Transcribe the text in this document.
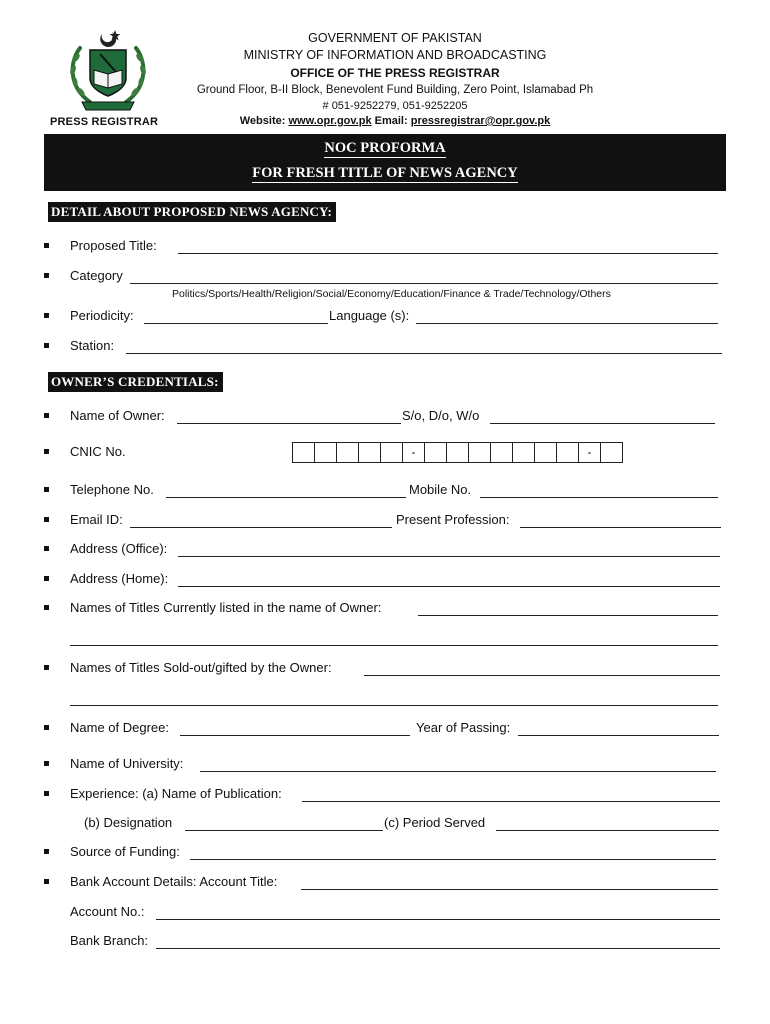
PRESS REGISTRAR
GOVERNMENT OF PAKISTAN
MINISTRY OF INFORMATION AND BROADCASTING
OFFICE OF THE PRESS REGISTRAR
Ground Floor, B-II Block, Benevolent Fund Building, Zero Point, Islamabad Ph
# 051-9252279, 051-9252205
Website: www.opr.gov.pk Email: pressregistrar@opr.gov.pk
NOC PROFORMA
FOR FRESH TITLE OF NEWS AGENCY
DETAIL ABOUT PROPOSED NEWS AGENCY:
Proposed Title:
Category
Politics/Sports/Health/Religion/Social/Economy/Education/Finance & Trade/Technology/Others
Periodicity:	Language (s):
Station:
OWNER’S CREDENTIALS:
Name of Owner:	S/o, D/o, W/o
CNIC No.	-	-
Telephone No.	Mobile No.
Email ID:	Present Profession:
Address (Office):
Address (Home):
Names of Titles Currently listed in the name of Owner:
Names of Titles Sold-out/gifted by the Owner:
Name of Degree:	Year of Passing:
Name of University:
Experience: (a) Name of Publication:
(b) Designation	(c) Period Served
Source of Funding:
Bank Account Details: Account Title:
Account No.:
Bank Branch:
